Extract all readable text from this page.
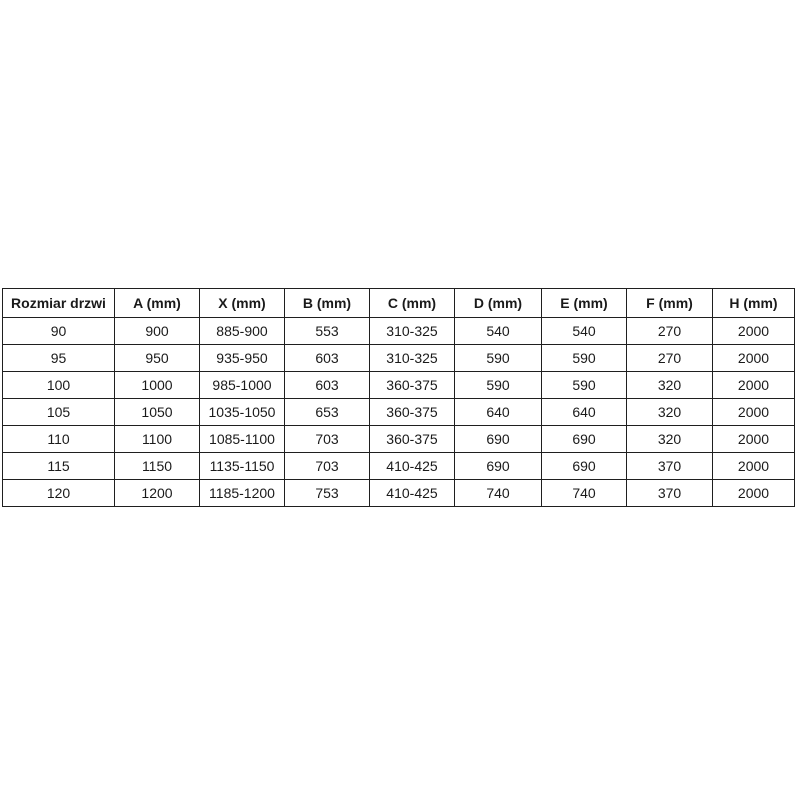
Rozmiar drzwi	A (mm)	X (mm)	B (mm)	C (mm)	D (mm)	E (mm)	F (mm)	H (mm)
90	900	885-900	553	310-325	540	540	270	2000
95	950	935-950	603	310-325	590	590	270	2000
100	1000	985-1000	603	360-375	590	590	320	2000
105	1050	1035-1050	653	360-375	640	640	320	2000
110	1100	1085-1100	703	360-375	690	690	320	2000
115	1150	1135-1150	703	410-425	690	690	370	2000
120	1200	1185-1200	753	410-425	740	740	370	2000
